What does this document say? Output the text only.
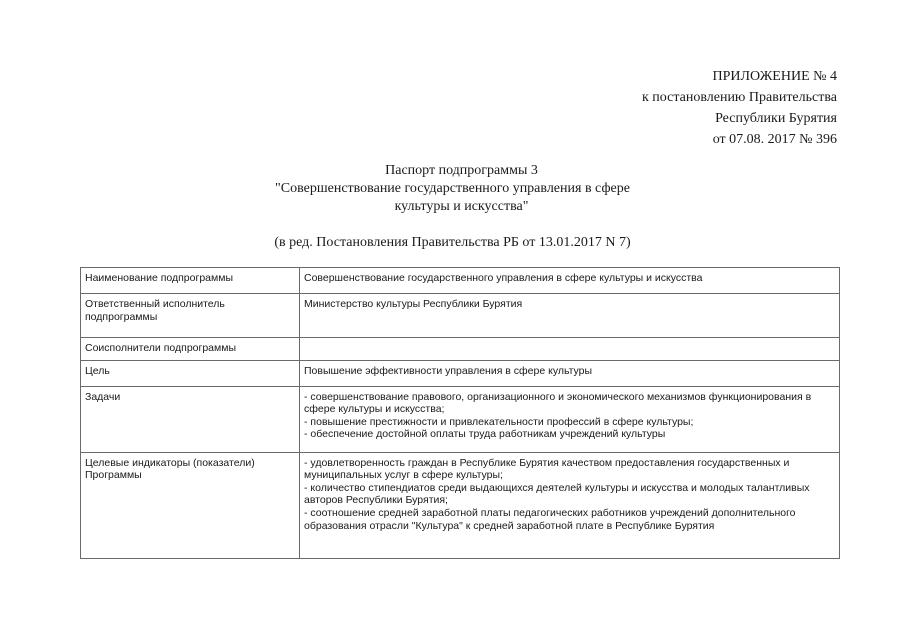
ПРИЛОЖЕНИЕ № 4
к постановлению Правительства
Республики Бурятия
от 07.08. 2017 № 396
Паспорт подпрограммы 3
"Совершенствование государственного управления в сфере
культуры и искусства"
(в ред. Постановления Правительства РБ от 13.01.2017 N 7)
Наименование подпрограммы	Совершенствование государственного управления в сфере культуры и искусства

Ответственный исполнитель подпрограммы	Министерство культуры Республики Бурятия

Соисполнители подпрограммы	
Цель	Повышение эффективности управления в сфере культуры

Задачи	- совершенствование правового, организационного и экономического механизмов функционирования в сфере культуры и искусства;
- повышение престижности и привлекательности профессий в сфере культуры;
- обеспечение достойной оплаты труда работникам учреждений культуры

Целевые индикаторы (показатели) Программы	- удовлетворенность граждан в Республике Бурятия качеством предоставления государственных и муниципальных услуг в сфере культуры;
- количество стипендиатов среди выдающихся деятелей культуры и искусства и молодых талантливых авторов Республики Бурятия;
- соотношение средней заработной платы педагогических работников учреждений дополнительного образования отрасли "Культура" к средней заработной плате в Республике Бурятия
